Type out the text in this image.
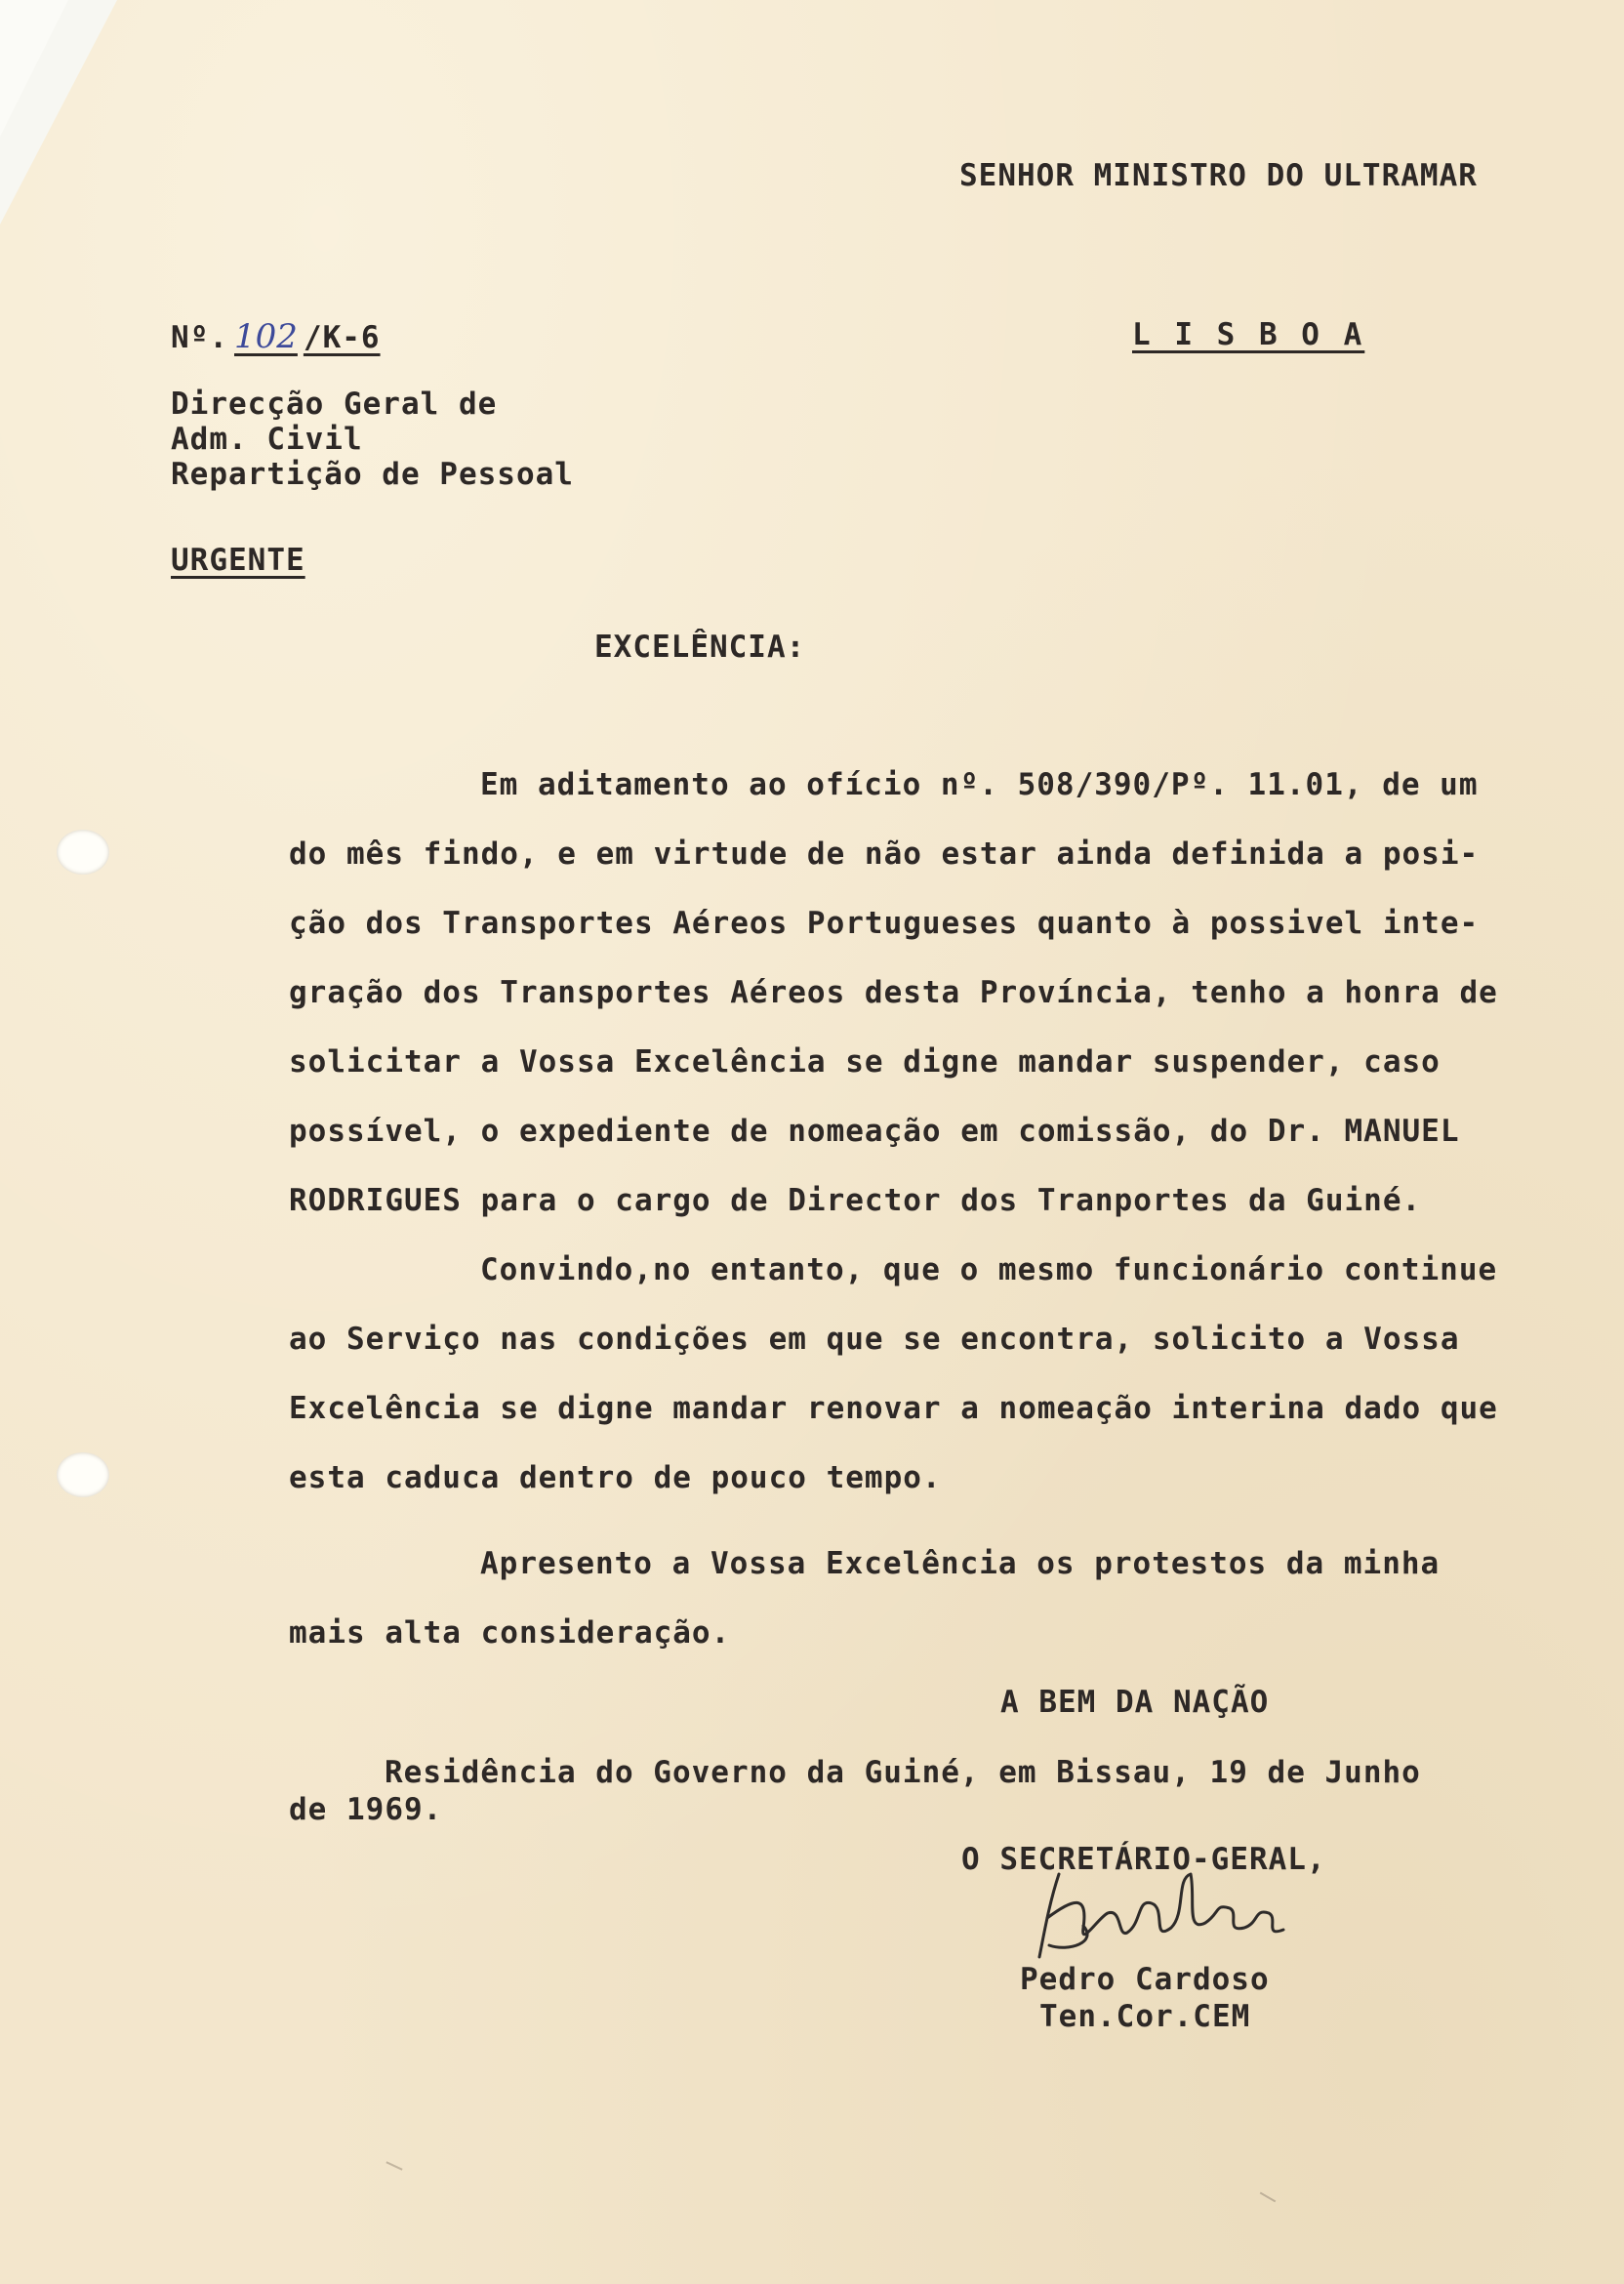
SENHOR MINISTRO DO ULTRAMAR
Nº. 102 /K-6	L I S B O A
Direcção Geral de
Adm. Civil
Repartição de Pessoal
URGENTE
EXCELÊNCIA:
Em aditamento ao ofício nº. 508/390/Pº. 11.01, de um
do mês findo, e em virtude de não estar ainda definida a posi-
ção dos Transportes Aéreos Portugueses quanto à possivel inte-
gração dos Transportes Aéreos desta Província, tenho a honra de
solicitar a Vossa Excelência se digne mandar suspender, caso
possível, o expediente de nomeação em comissão, do Dr. MANUEL
RODRIGUES para o cargo de Director dos Tranportes da Guiné.
Convindo,no entanto, que o mesmo funcionário continue
ao Serviço nas condições em que se encontra, solicito a Vossa
Excelência se digne mandar renovar a nomeação interina dado que
esta caduca dentro de pouco tempo.
Apresento a Vossa Excelência os protestos da minha
mais alta consideração.
A BEM DA NAÇÃO
Residência do Governo da Guiné, em Bissau, 19 de Junho
de 1969.
O SECRETÁRIO-GERAL,
Pedro Cardoso
Ten.Cor.CEM
